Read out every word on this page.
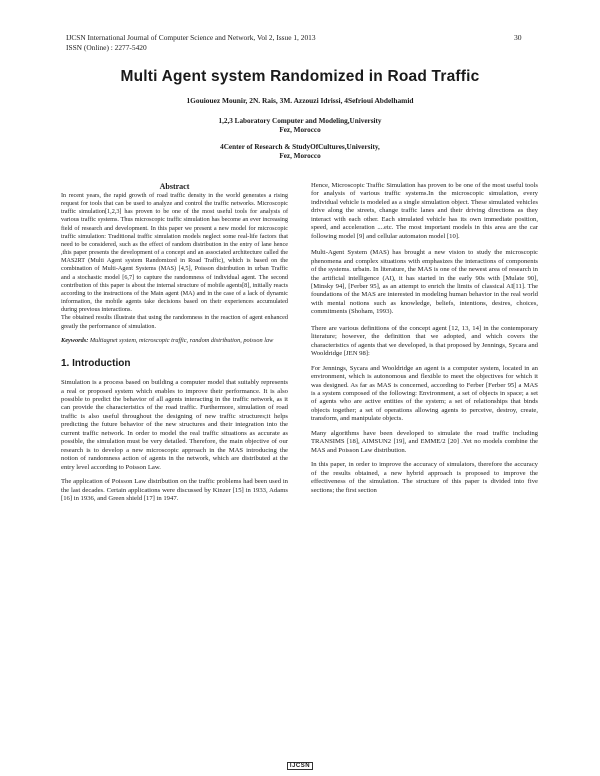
IJCSN International Journal of Computer Science and Network, Vol 2, Issue 1, 2013
ISSN (Online) : 2277-5420
30
Multi Agent system Randomized in Road Traffic
1Gouiouez Mounir, 2N. Rais, 3M. Azzouzi Idrissi, 4Sefrioui Abdelhamid
1,2,3 Laboratory Computer and Modeling,University
Fez, Morocco
4Center of Research & StudyOfCultures,University,
Fez, Morocco
Abstract

In recent years, the rapid growth of road traffic density in the world generates a rising request for tools that can be used to analyze and control the traffic networks. Microscopic traffic simulation[1,2,3] has proven to be one of the most useful tools for analysis of various traffic systems. Thus microscopic traffic simulation has become an ever increasing field of research and development. In this paper we present a new model for microscopic traffic simulation: Traditional traffic simulation models neglect some real-life factors that need to be considered, such as the effect of random distribution in the entry of lane hence ,this paper presents the development of a concept and an associated architecture called the MAS2RT (Multi Agent system Randomized in Road Traffic), which is based on the combination of Multi-Agent Systems (MAS) [4,5], Poisson distribution in urban Traffic and a stochastic model [6,7] to capture the randomness of individual agent. The second contribution of this paper is about the internal structure of mobile agents[8], initially reacts according to the instructions of the Main agent (MA) and in the case of a lack of dynamic information, the mobile agents take decisions based on their experiences accumulated during previous interactions.

The obtained results illustrate that using the randomness in the reaction of agent enhanced greatly the performance of simulation.

Keywords: Multiagnet system, microscopic traffic, random distribution, poisson law

1. Introduction

Simulation is a process based on building a computer model that suitably represents a real or proposed system which enables to improve their performance. It is also possible to predict the behavior of all agents interacting in the traffic network, as it can provide the characteristics of the road traffic. Furthermore, simulation of road traffic is also useful throughout the designing of new traffic structures;it helps predicting the future behavior of the new structures and their integration into the current traffic network. In order to model the real traffic situations as accurate as possible, the simulation must be very detailed. Therefore, the main objective of our research is to develop a new microscopic approach in the MAS introducing the notion of randomness action of agents in the network, which are distributed at the entry level according to Poisson Law.

The application of Poisson Law distribution on the traffic problems had been used in the last decades. Certain applications were discussed by Kinzer [15] in 1933, Adams [16] in 1936, and Green shield [17] in 1947.

Hence, Microscopic Traffic Simulation has proven to be one of the most useful tools for analysis of various traffic systems.In the microscopic simulation, every individual vehicle is modeled as a single simulation object. These simulated vehicles drive along the streets, change traffic lanes and their driving directions as they interact with each other. Each simulated vehicle has its own immediate position, speed, and acceleration ....etc. The most important models in this area are the car following model [9] and cellular automaton model [10].

Multi-Agent System (MAS) has brought a new vision to study the microscopic phenomena and complex situations with emphasizes the interactions of components of the systems. urbain. In literature, the MAS is one of the newest area of research in the artificial intelligence (AI), it has started in the early 90s with [Mulate 90], [Minsky 94], [Ferber 95], as an attempt to enrich the limits of classical AI[11]. The foundations of the MAS are interested in modeling human behavior in the real world with mental notions such as knowledge, beliefs, intentions, desires, choices, commitments (Shoham, 1993).

There are various definitions of the concept agent [12, 13, 14] in the contemporary literature; however, the definition that we adopted, and which covers the characteristics of agents that we developed, is that proposed by Jennings, Sycara and Wooldridge [JEN 98]:

For Jennings, Sycara and Wooldridge an agent is a computer system, located in an environment, which is autonomous and flexible to meet the objectives for which it was designed. As far as MAS is concerned, according to Ferber [Ferber 95] a MAS is a system composed of the following: Environment, a set of objects in space; a set of agents who are active entities of the system; a set of relationships that binds objects together; a set of operations allowing agents to perceive, destroy, create, transform, and manipulate objects.

Many algorithms have been developed to simulate the road traffic including TRANSIMS [18], AIMSUN2 [19], and EMME/2 [20] .Yet no models combine the MAS and Poisson Law distribution.

In this paper, in order to improve the accuracy of simulators, therefore the accuracy of the results obtained, a new hybrid approach is proposed to improve the effectiveness of the simulation. The structure of this paper is divided into five sections; the first section

IJCSN
